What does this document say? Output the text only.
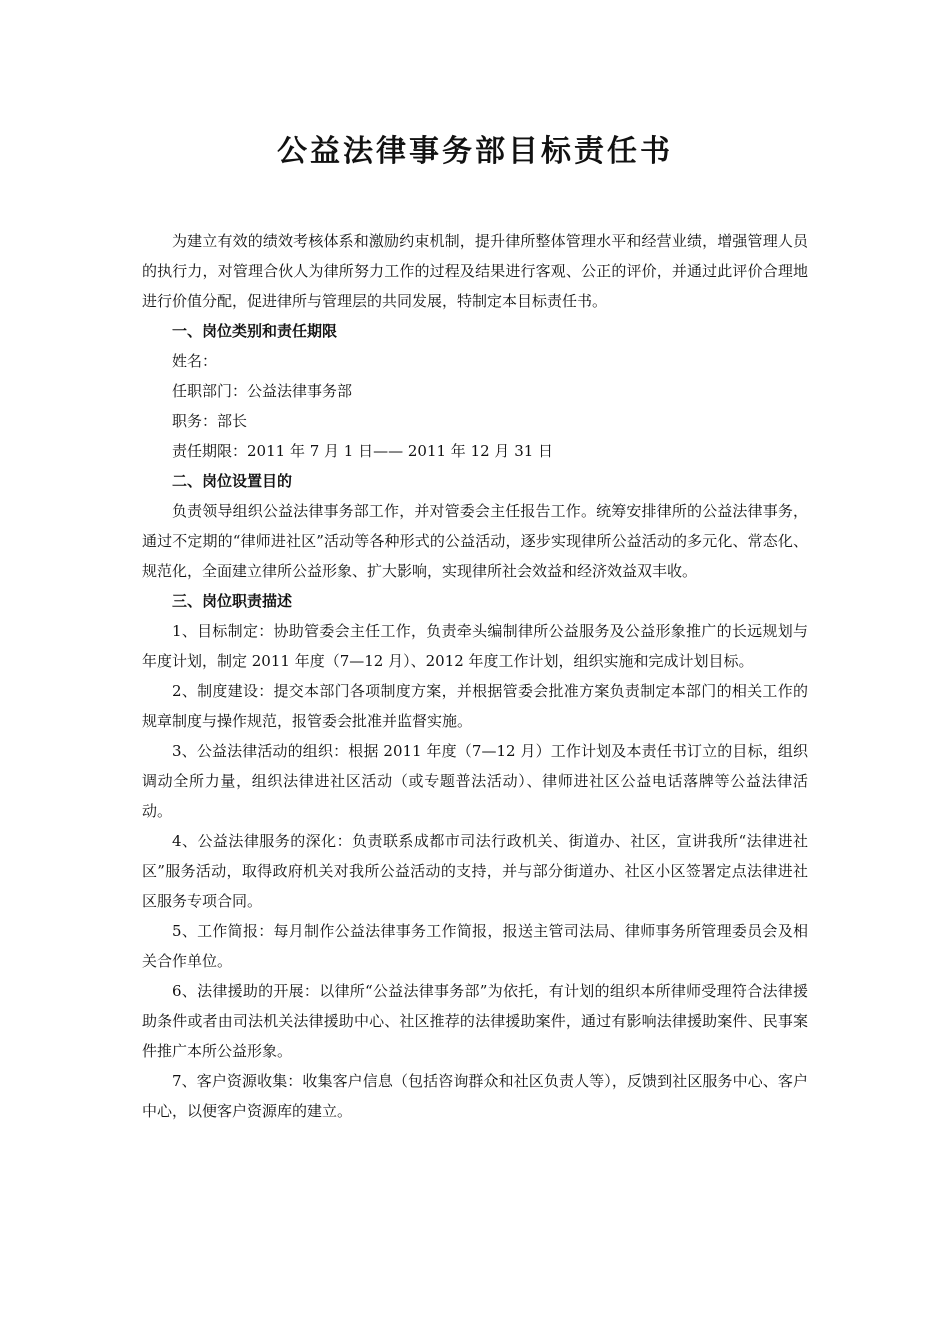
公益法律事务部目标责任书

为建立有效的绩效考核体系和激励约束机制，提升律所整体管理水平和经营业绩，增强管理人员的执行力，对管理合伙人为律所努力工作的过程及结果进行客观、公正的评价，并通过此评价合理地进行价值分配，促进律所与管理层的共同发展，特制定本目标责任书。

一、岗位类别和责任期限

姓名：

任职部门：公益法律事务部

职务：部长

责任期限：2011 年 7 月 1 日—— 2011 年 12 月 31 日

二、岗位设置目的

负责领导组织公益法律事务部工作，并对管委会主任报告工作。统筹安排律所的公益法律事务，通过不定期的“律师进社区”活动等各种形式的公益活动，逐步实现律所公益活动的多元化、常态化、规范化，全面建立律所公益形象、扩大影响，实现律所社会效益和经济效益双丰收。

三、岗位职责描述

1、目标制定：协助管委会主任工作，负责牵头编制律所公益服务及公益形象推广的长远规划与年度计划，制定 2011 年度（7—12 月）、2012 年度工作计划，组织实施和完成计划目标。

2、制度建设：提交本部门各项制度方案，并根据管委会批准方案负责制定本部门的相关工作的规章制度与操作规范，报管委会批准并监督实施。

3、公益法律活动的组织：根据 2011 年度（7—12 月）工作计划及本责任书订立的目标，组织调动全所力量，组织法律进社区活动（或专题普法活动）、律师进社区公益电话落牌等公益法律活动。

4、公益法律服务的深化：负责联系成都市司法行政机关、街道办、社区，宣讲我所“法律进社区”服务活动，取得政府机关对我所公益活动的支持，并与部分街道办、社区小区签署定点法律进社区服务专项合同。

5、工作简报：每月制作公益法律事务工作简报，报送主管司法局、律师事务所管理委员会及相关合作单位。

6、法律援助的开展：以律所“公益法律事务部”为依托，有计划的组织本所律师受理符合法律援助条件或者由司法机关法律援助中心、社区推荐的法律援助案件，通过有影响法律援助案件、民事案件推广本所公益形象。

7、客户资源收集：收集客户信息（包括咨询群众和社区负责人等），反馈到社区服务中心、客户中心，以便客户资源库的建立。
